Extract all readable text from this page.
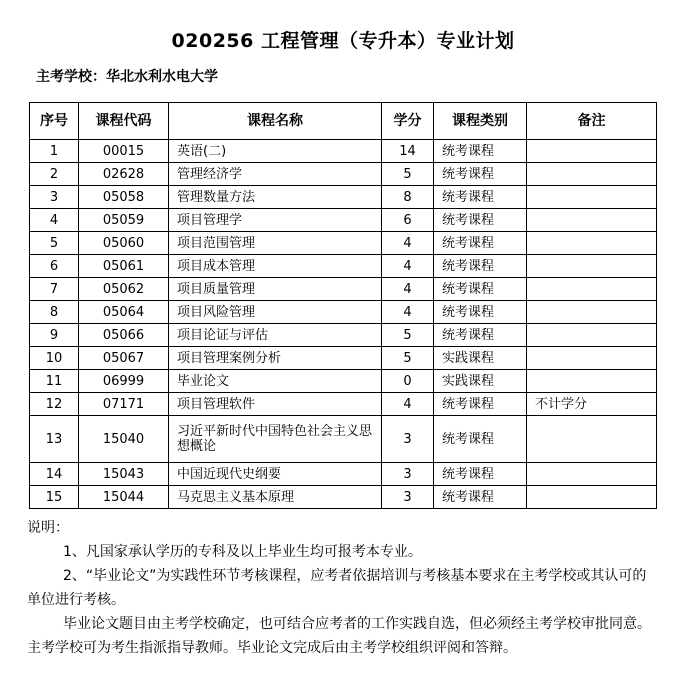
020256 工程管理（专升本）专业计划
主考学校：华北水利水电大学
序号	课程代码	课程名称	学分	课程类别	备注
1	00015	英语(二)	14	统考课程	
2	02628	管理经济学	5	统考课程	
3	05058	管理数量方法	8	统考课程	
4	05059	项目管理学	6	统考课程	
5	05060	项目范围管理	4	统考课程	
6	05061	项目成本管理	4	统考课程	
7	05062	项目质量管理	4	统考课程	
8	05064	项目风险管理	4	统考课程	
9	05066	项目论证与评估	5	统考课程	
10	05067	项目管理案例分析	5	实践课程	
11	06999	毕业论文	0	实践课程	
12	07171	项目管理软件	4	统考课程	不计学分
13	15040	习近平新时代中国特色社会主义思想概论	3	统考课程	
14	15043	中国近现代史纲要	3	统考课程	
15	15044	马克思主义基本原理	3	统考课程	

说明：

1、凡国家承认学历的专科及以上毕业生均可报考本专业。

2、“毕业论文”为实践性环节考核课程，应考者依据培训与考核基本要求在主考学校或其认可的单位进行考核。

毕业论文题目由主考学校确定，也可结合应考者的工作实践自选，但必须经主考学校审批同意。主考学校可为考生指派指导教师。毕业论文完成后由主考学校组织评阅和答辩。
